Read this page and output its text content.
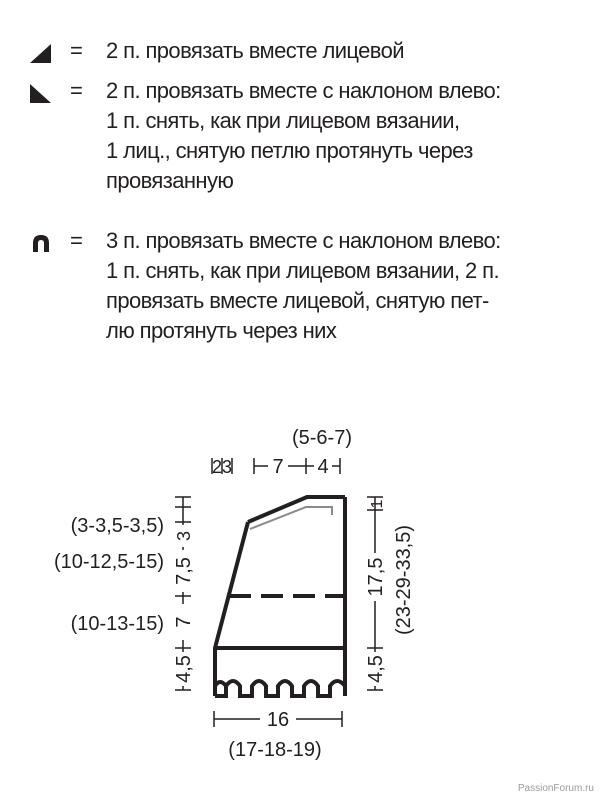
= 2 п. провязать вместе лицевой
= 2 п. провязать вместе с наклоном влево:
1 п. снять, как при лицевом вязании,
1 лиц., снятую петлю протянуть через
провязанную
= 3 п. провязать вместе с наклоном влево:
1 п. снять, как при лицевом вязании, 2 п.
провязать вместе лицевой, снятую пет-
лю протянуть через них
(5-6-7)
2 3 7 4
3
7,5
7
4,5
(3-3,5-3,5)
(10-12,5-15)
(10-13-15)
1
17,5
4,5
(23-29-33,5)
16
(17-18-19)
PassionForum.ru
